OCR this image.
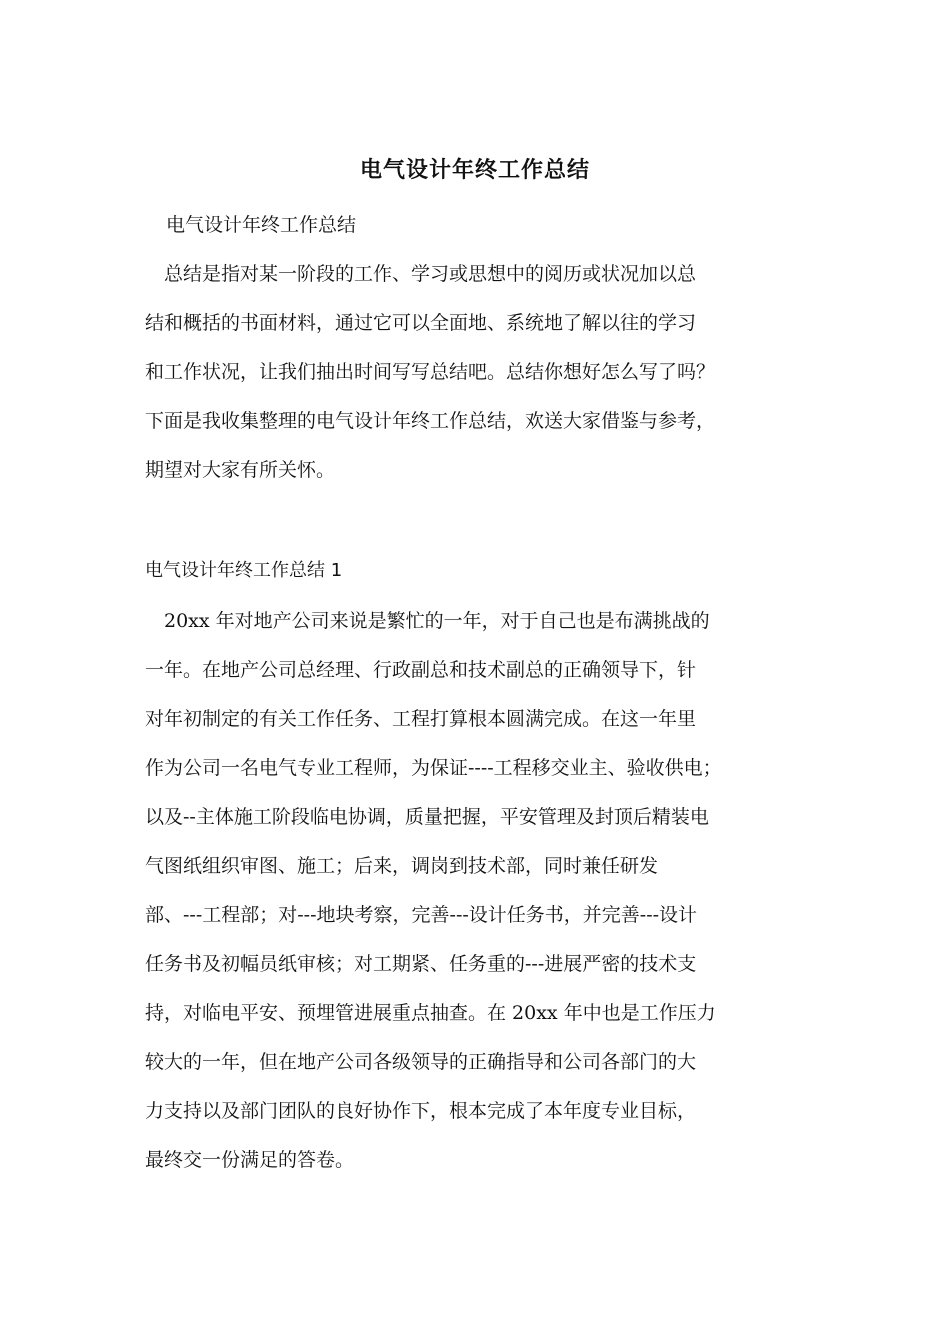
电气设计年终工作总结
电气设计年终工作总结
　总结是指对某一阶段的工作、学习或思想中的阅历或状况加以总
结和概括的书面材料，通过它可以全面地、系统地了解以往的学习
和工作状况，让我们抽出时间写写总结吧。总结你想好怎么写了吗？
下面是我收集整理的电气设计年终工作总结，欢送大家借鉴与参考，
期望对大家有所关怀。
电气设计年终工作总结 1
　20xx 年对地产公司来说是繁忙的一年，对于自己也是布满挑战的
一年。在地产公司总经理、行政副总和技术副总的正确领导下，针
对年初制定的有关工作任务、工程打算根本圆满完成。在这一年里
作为公司一名电气专业工程师，为保证----工程移交业主、验收供电；
以及--主体施工阶段临电协调，质量把握，平安管理及封顶后精装电
气图纸组织审图、施工；后来，调岗到技术部，同时兼任研发
部、---工程部；对---地块考察，完善---设计任务书，并完善---设计
任务书及初幅员纸审核；对工期紧、任务重的---进展严密的技术支
持，对临电平安、预埋管进展重点抽查。在 20xx 年中也是工作压力
较大的一年，但在地产公司各级领导的正确指导和公司各部门的大
力支持以及部门团队的良好协作下，根本完成了本年度专业目标，
最终交一份满足的答卷。
